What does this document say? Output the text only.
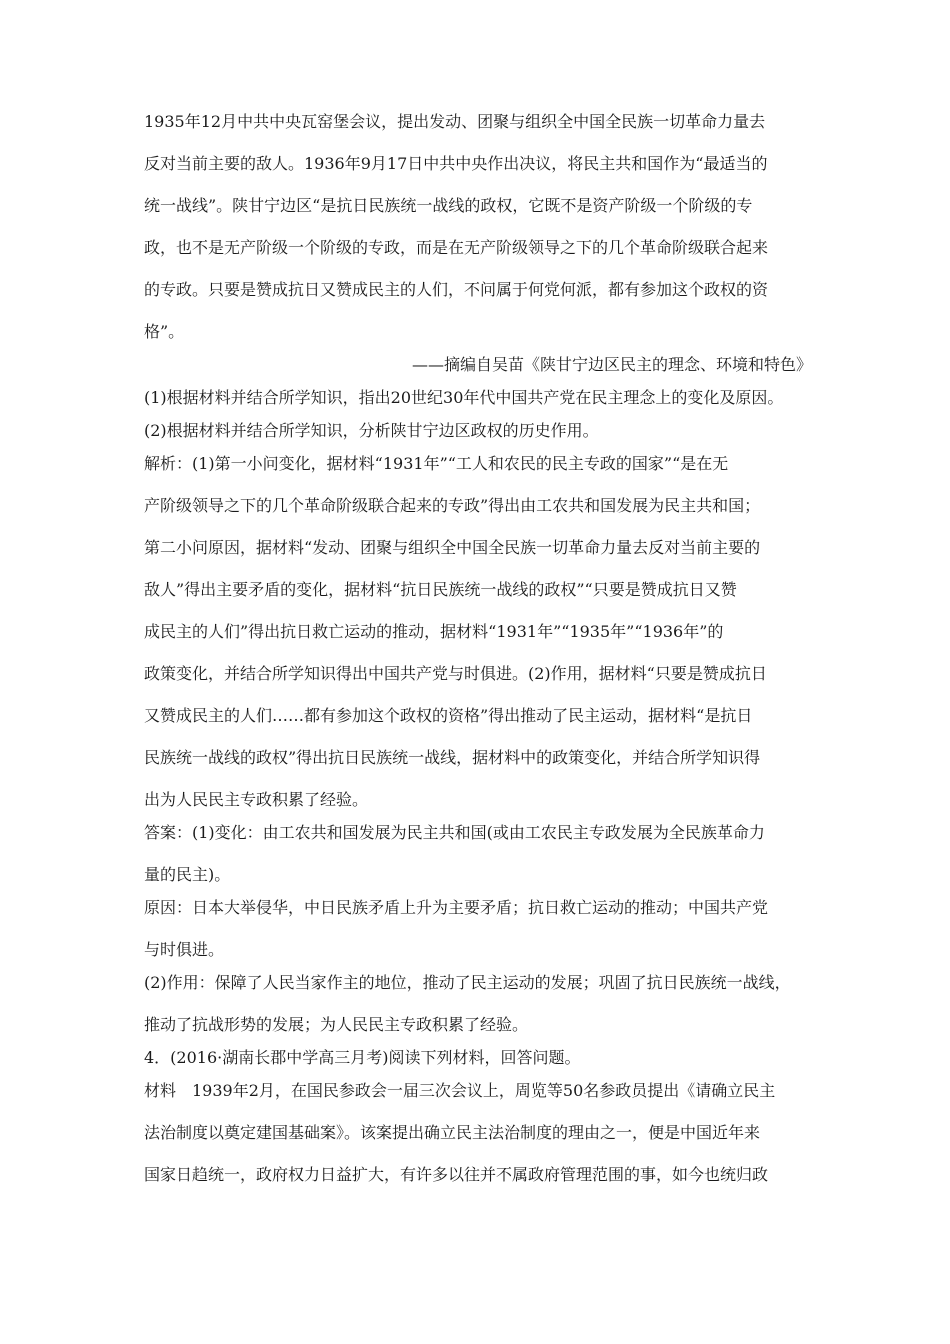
1935年12月中共中央瓦窑堡会议，提出发动、团聚与组织全中国全民族一切革命力量去

反对当前主要的敌人。1936年9月17日中共中央作出决议，将民主共和国作为“最适当的

统一战线”。陕甘宁边区“是抗日民族统一战线的政权，它既不是资产阶级一个阶级的专

政，也不是无产阶级一个阶级的专政，而是在无产阶级领导之下的几个革命阶级联合起来

的专政。只要是赞成抗日又赞成民主的人们，不问属于何党何派，都有参加这个政权的资

格”。

——摘编自吴苗《陕甘宁边区民主的理念、环境和特色》

(1)根据材料并结合所学知识，指出20世纪30年代中国共产党在民主理念上的变化及原因。

(2)根据材料并结合所学知识，分析陕甘宁边区政权的历史作用。

解析：(1)第一小问变化，据材料“1931年”“工人和农民的民主专政的国家”“是在无

产阶级领导之下的几个革命阶级联合起来的专政”得出由工农共和国发展为民主共和国；

第二小问原因，据材料“发动、团聚与组织全中国全民族一切革命力量去反对当前主要的

敌人”得出主要矛盾的变化，据材料“抗日民族统一战线的政权”“只要是赞成抗日又赞

成民主的人们”得出抗日救亡运动的推动，据材料“1931年”“1935年”“1936年”的

政策变化，并结合所学知识得出中国共产党与时俱进。(2)作用，据材料“只要是赞成抗日

又赞成民主的人们……都有参加这个政权的资格”得出推动了民主运动，据材料“是抗日

民族统一战线的政权”得出抗日民族统一战线，据材料中的政策变化，并结合所学知识得

出为人民民主专政积累了经验。

答案：(1)变化：由工农共和国发展为民主共和国(或由工农民主专政发展为全民族革命力

量的民主)。

原因：日本大举侵华，中日民族矛盾上升为主要矛盾；抗日救亡运动的推动；中国共产党

与时俱进。

(2)作用：保障了人民当家作主的地位，推动了民主运动的发展；巩固了抗日民族统一战线，

推动了抗战形势的发展；为人民民主专政积累了经验。

4．(2016·湖南长郡中学高三月考)阅读下列材料，回答问题。

材料　1939年2月，在国民参政会一届三次会议上，周览等50名参政员提出《请确立民主

法治制度以奠定建国基础案》。该案提出确立民主法治制度的理由之一，便是中国近年来

国家日趋统一，政府权力日益扩大，有许多以往并不属政府管理范围的事，如今也统归政
